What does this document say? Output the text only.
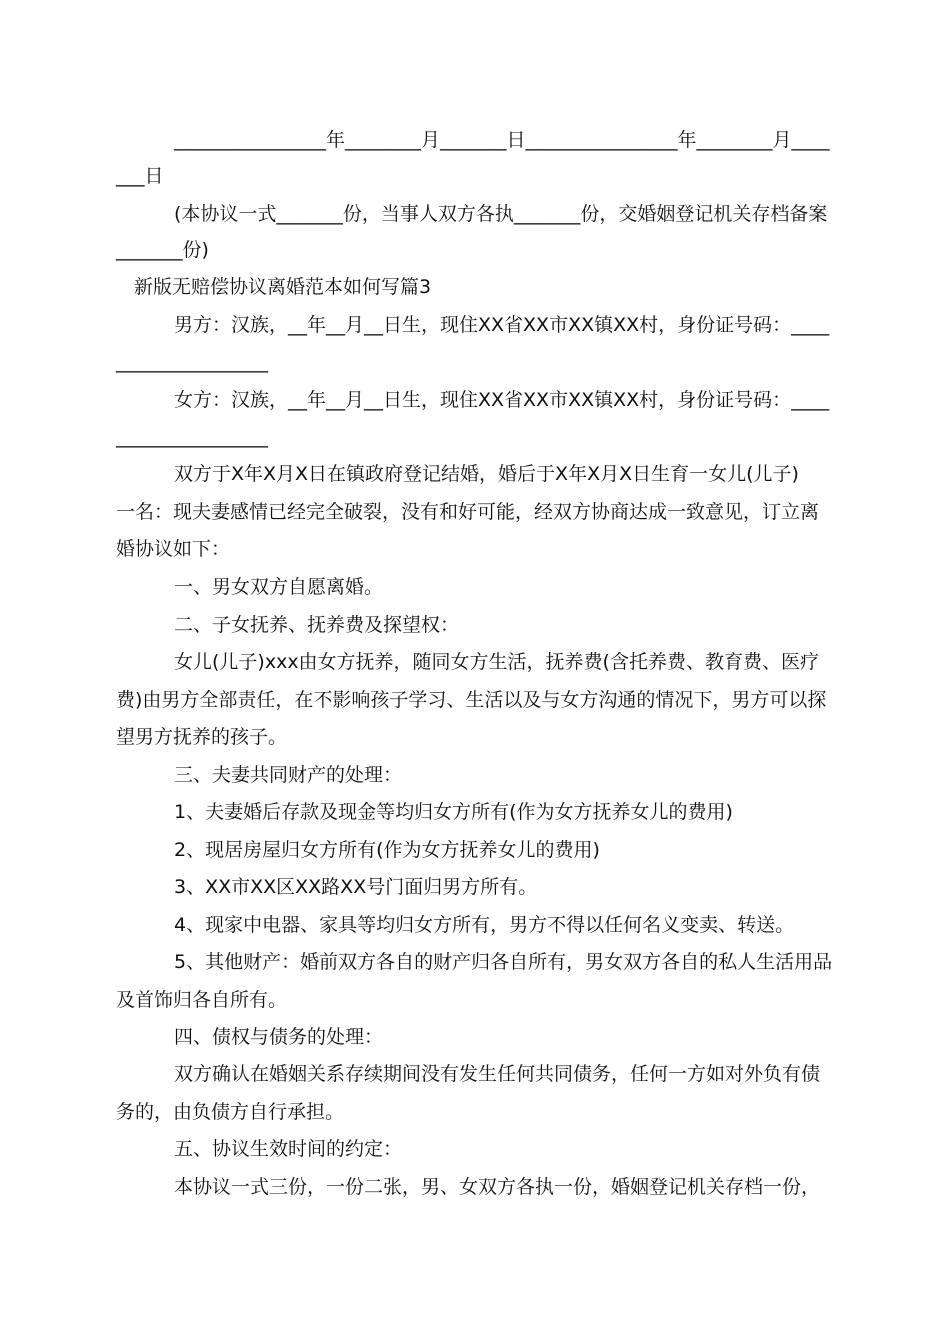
________________年________月_______日________________年________月____
___日
(本协议一式_______份，当事人双方各执_______份，交婚姻登记机关存档备案
_______份)
新版无赔偿协议离婚范本如何写篇3
男方：汉族，__年__月__日生，现住XX省XX市XX镇XX村，身份证号码：____
________________
女方：汉族，__年__月__日生，现住XX省XX市XX镇XX村，身份证号码：____
________________
双方于X年X月X日在镇政府登记结婚，婚后于X年X月X日生育一女儿(儿子)
一名：现夫妻感情已经完全破裂，没有和好可能，经双方协商达成一致意见，订立离
婚协议如下：
一、男女双方自愿离婚。
二、子女抚养、抚养费及探望权：
女儿(儿子)xxx由女方抚养，随同女方生活，抚养费(含托养费、教育费、医疗
费)由男方全部责任，在不影响孩子学习、生活以及与女方沟通的情况下，男方可以探
望男方抚养的孩子。
三、夫妻共同财产的处理：
1、夫妻婚后存款及现金等均归女方所有(作为女方抚养女儿的费用)
2、现居房屋归女方所有(作为女方抚养女儿的费用)
3、XX市XX区XX路XX号门面归男方所有。
4、现家中电器、家具等均归女方所有，男方不得以任何名义变卖、转送。
5、其他财产：婚前双方各自的财产归各自所有，男女双方各自的私人生活用品
及首饰归各自所有。
四、债权与债务的处理：
双方确认在婚姻关系存续期间没有发生任何共同债务，任何一方如对外负有债
务的，由负债方自行承担。
五、协议生效时间的约定：
本协议一式三份，一份二张，男、女双方各执一份，婚姻登记机关存档一份，
